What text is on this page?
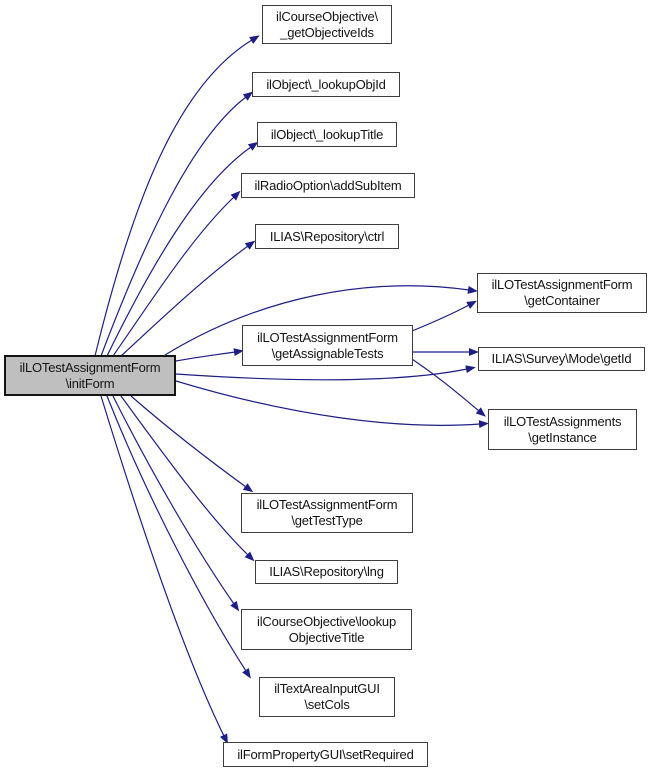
ilLOTestAssignmentForm
\initForm
ilCourseObjective\
_getObjectiveIds
ilObject\_lookupObjId
ilObject\_lookupTitle
ilRadioOption\addSubItem
ILIAS\Repository\ctrl
ilLOTestAssignmentForm
\getAssignableTests
ilLOTestAssignmentForm
\getContainer
ILIAS\Survey\Mode\getId
ilLOTestAssignments
\getInstance
ilLOTestAssignmentForm
\getTestType
ILIAS\Repository\lng
ilCourseObjective\lookup
ObjectiveTitle
ilTextAreaInputGUI
\setCols
ilFormPropertyGUI\setRequired
